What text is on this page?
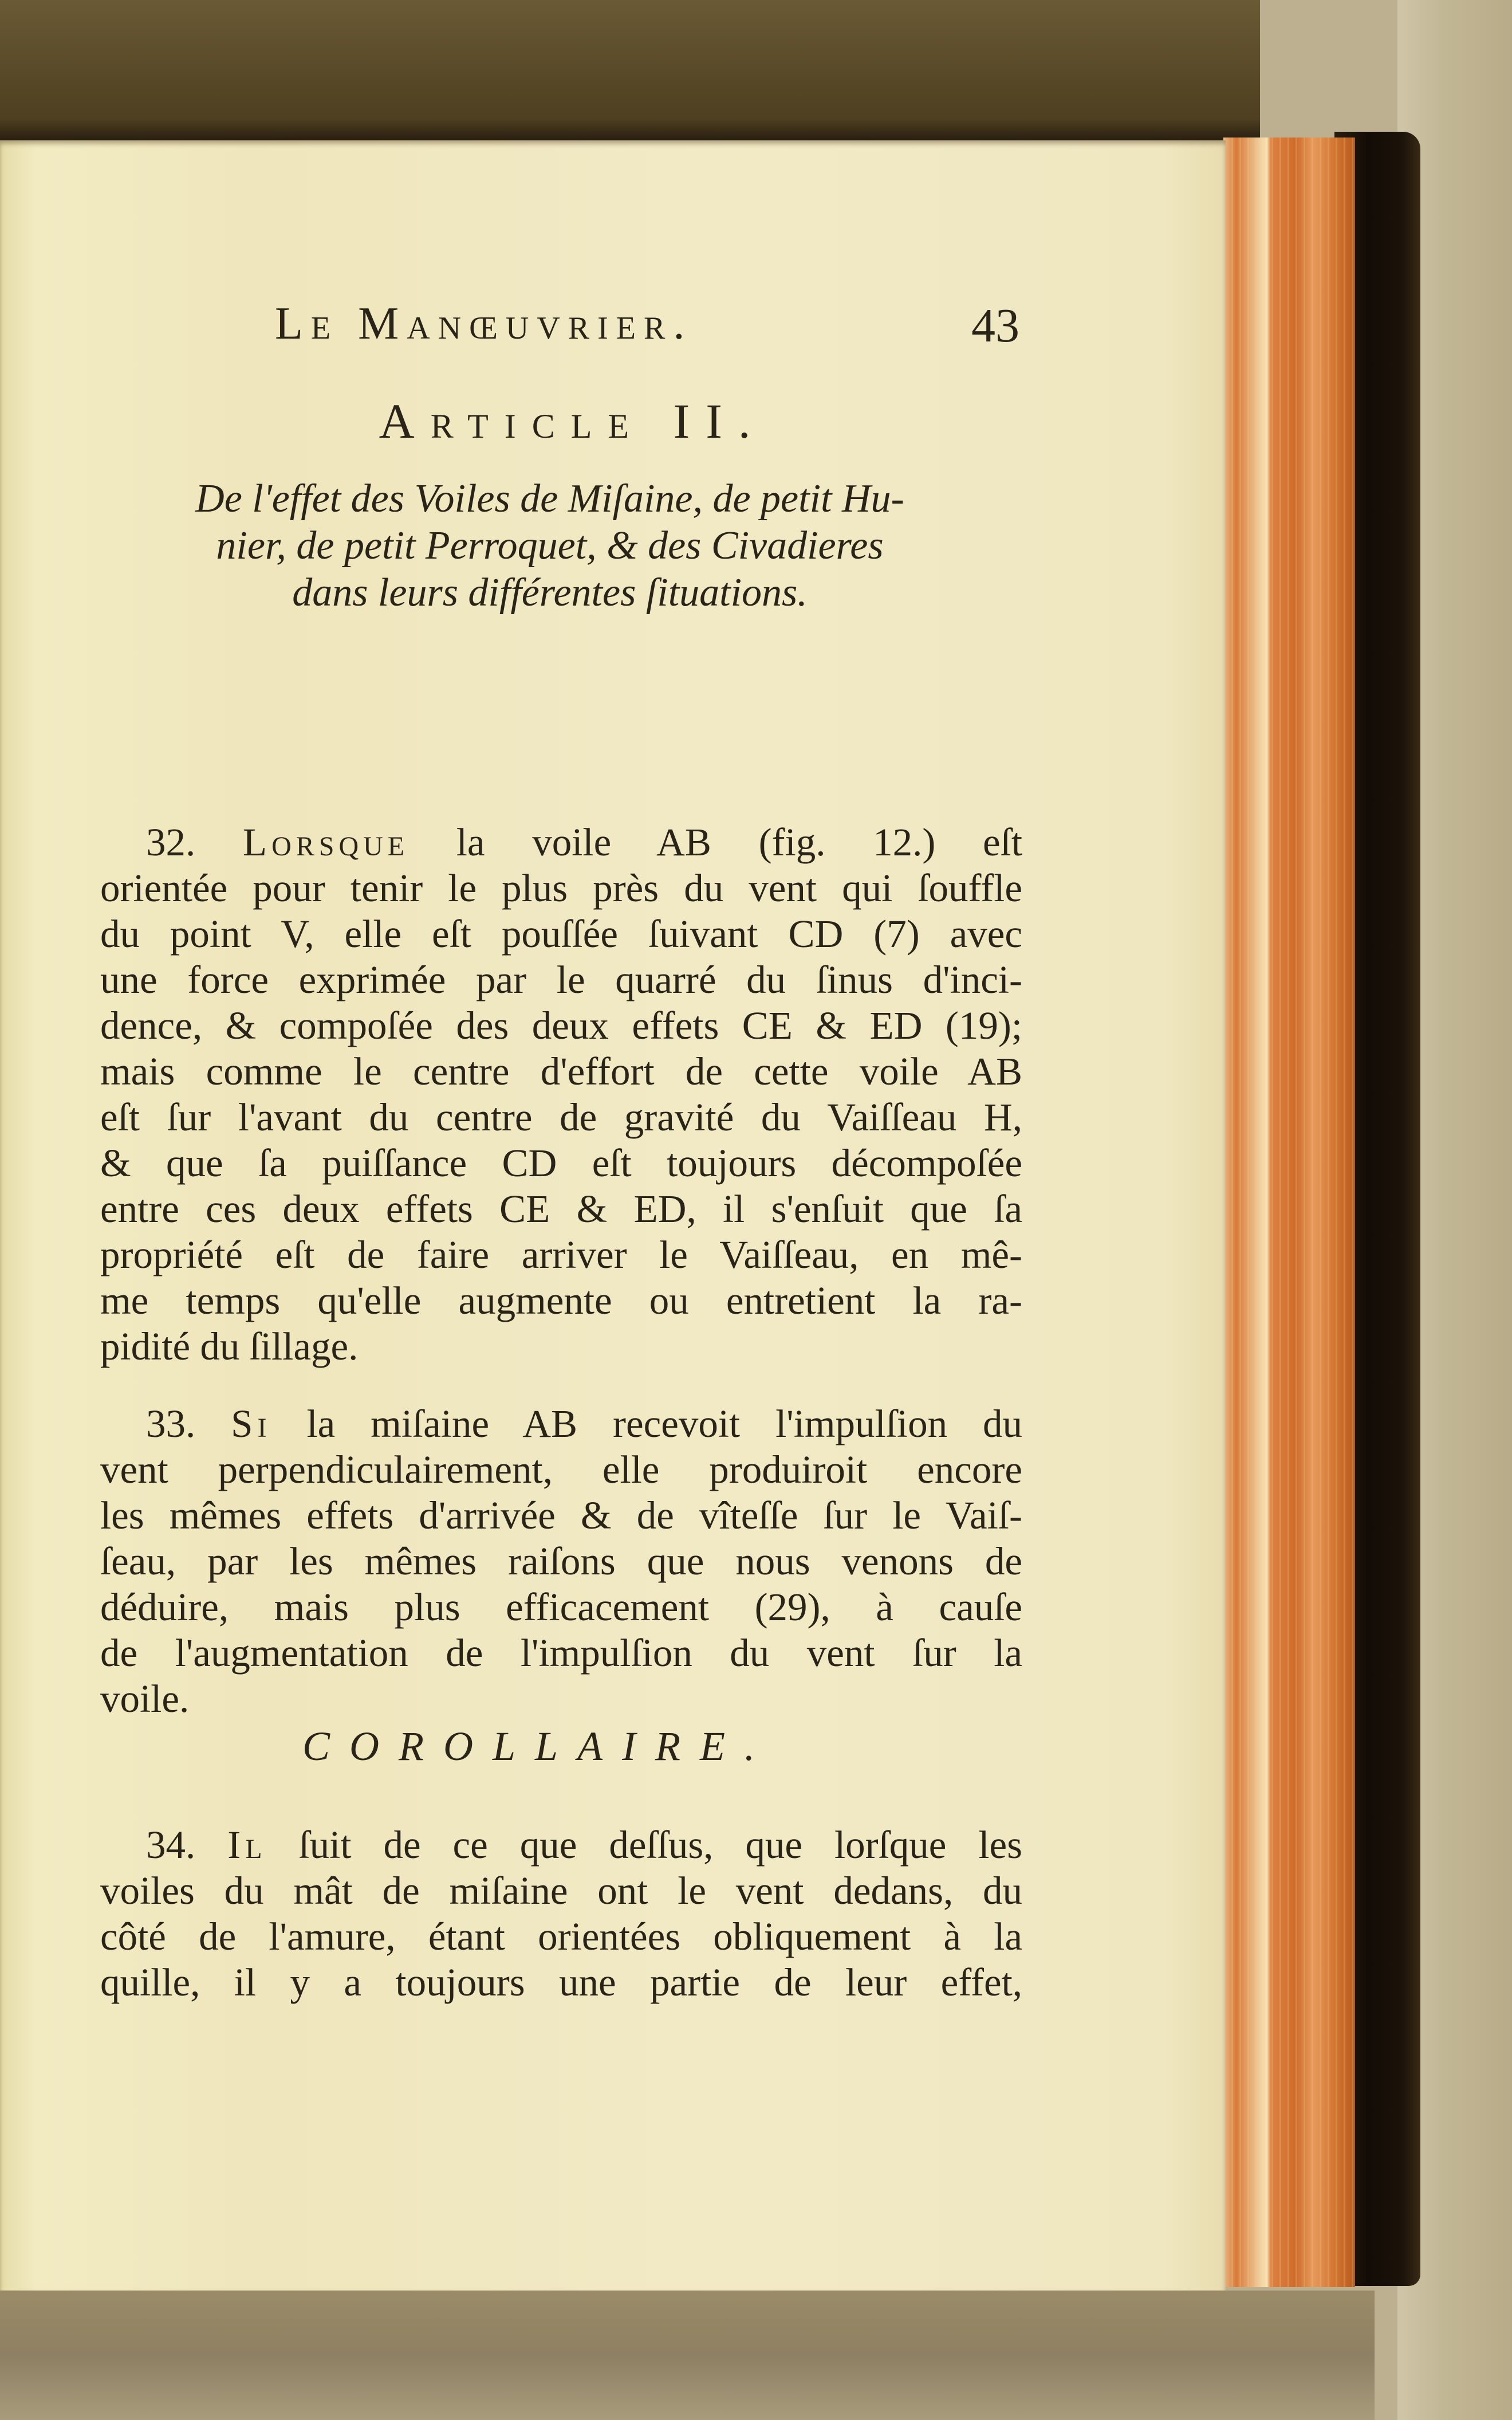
Le Manœuvrier.	43
Article II.
De l'effet des Voiles de Miſaine, de petit Hu-
nier, de petit Perroquet, & des Civadieres
dans leurs différentes ſituations.
32. Lorsque la voile AB (fig. 12.) eſt
orientée pour tenir le plus près du vent qui ſouffle
du point V, elle eſt pouſſée ſuivant CD (7) avec
une force exprimée par le quarré du ſinus d'inci-
dence, & compoſée des deux effets CE & ED (19);
mais comme le centre d'effort de cette voile AB
eſt ſur l'avant du centre de gravité du Vaiſſeau H,
& que ſa puiſſance CD eſt toujours décompoſée
entre ces deux effets CE & ED, il s'enſuit que ſa
propriété eſt de faire arriver le Vaiſſeau, en mê-
me temps qu'elle augmente ou entretient la ra-
pidité du ſillage.
33. Si la miſaine AB recevoit l'impulſion du
vent perpendiculairement, elle produiroit encore
les mêmes effets d'arrivée & de vîteſſe ſur le Vaiſ-
ſeau, par les mêmes raiſons que nous venons de
déduire, mais plus efficacement (29), à cauſe
de l'augmentation de l'impulſion du vent ſur la
voile.
COROLLAIRE.
34. Il ſuit de ce que deſſus, que lorſque les
voiles du mât de miſaine ont le vent dedans, du
côté de l'amure, étant orientées obliquement à la
quille, il y a toujours une partie de leur effet,
